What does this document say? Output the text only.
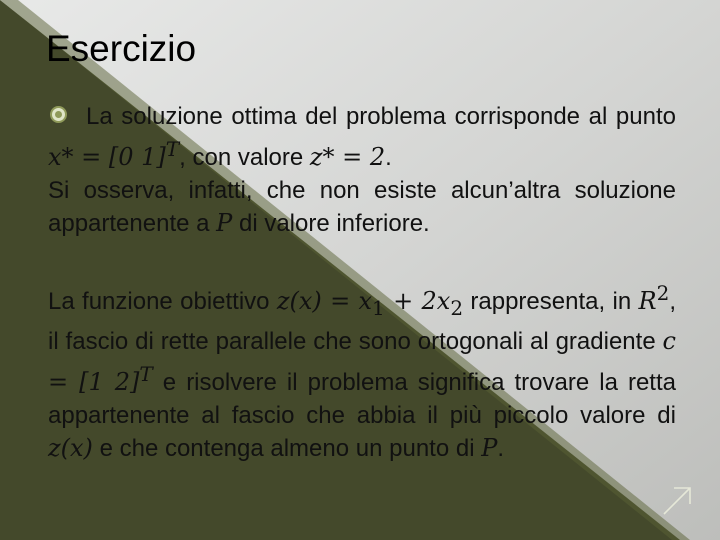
Esercizio

La soluzione ottima del problema corrisponde al punto x* = [0 1]$^T$, con valore z* = 2.

Si osserva, infatti, che non esiste alcun’altra soluzione appartenente a P di valore inferiore.

La funzione obiettivo $z(x) = x_1 + 2x_2$ rappresenta, in $R^2$, il fascio di rette parallele che sono ortogonali al gradiente c = [1 2]$^T$ e risolvere il problema significa trovare la retta appartenente al fascio che abbia il più piccolo valore di z(x) e che contenga almeno un punto di P.
